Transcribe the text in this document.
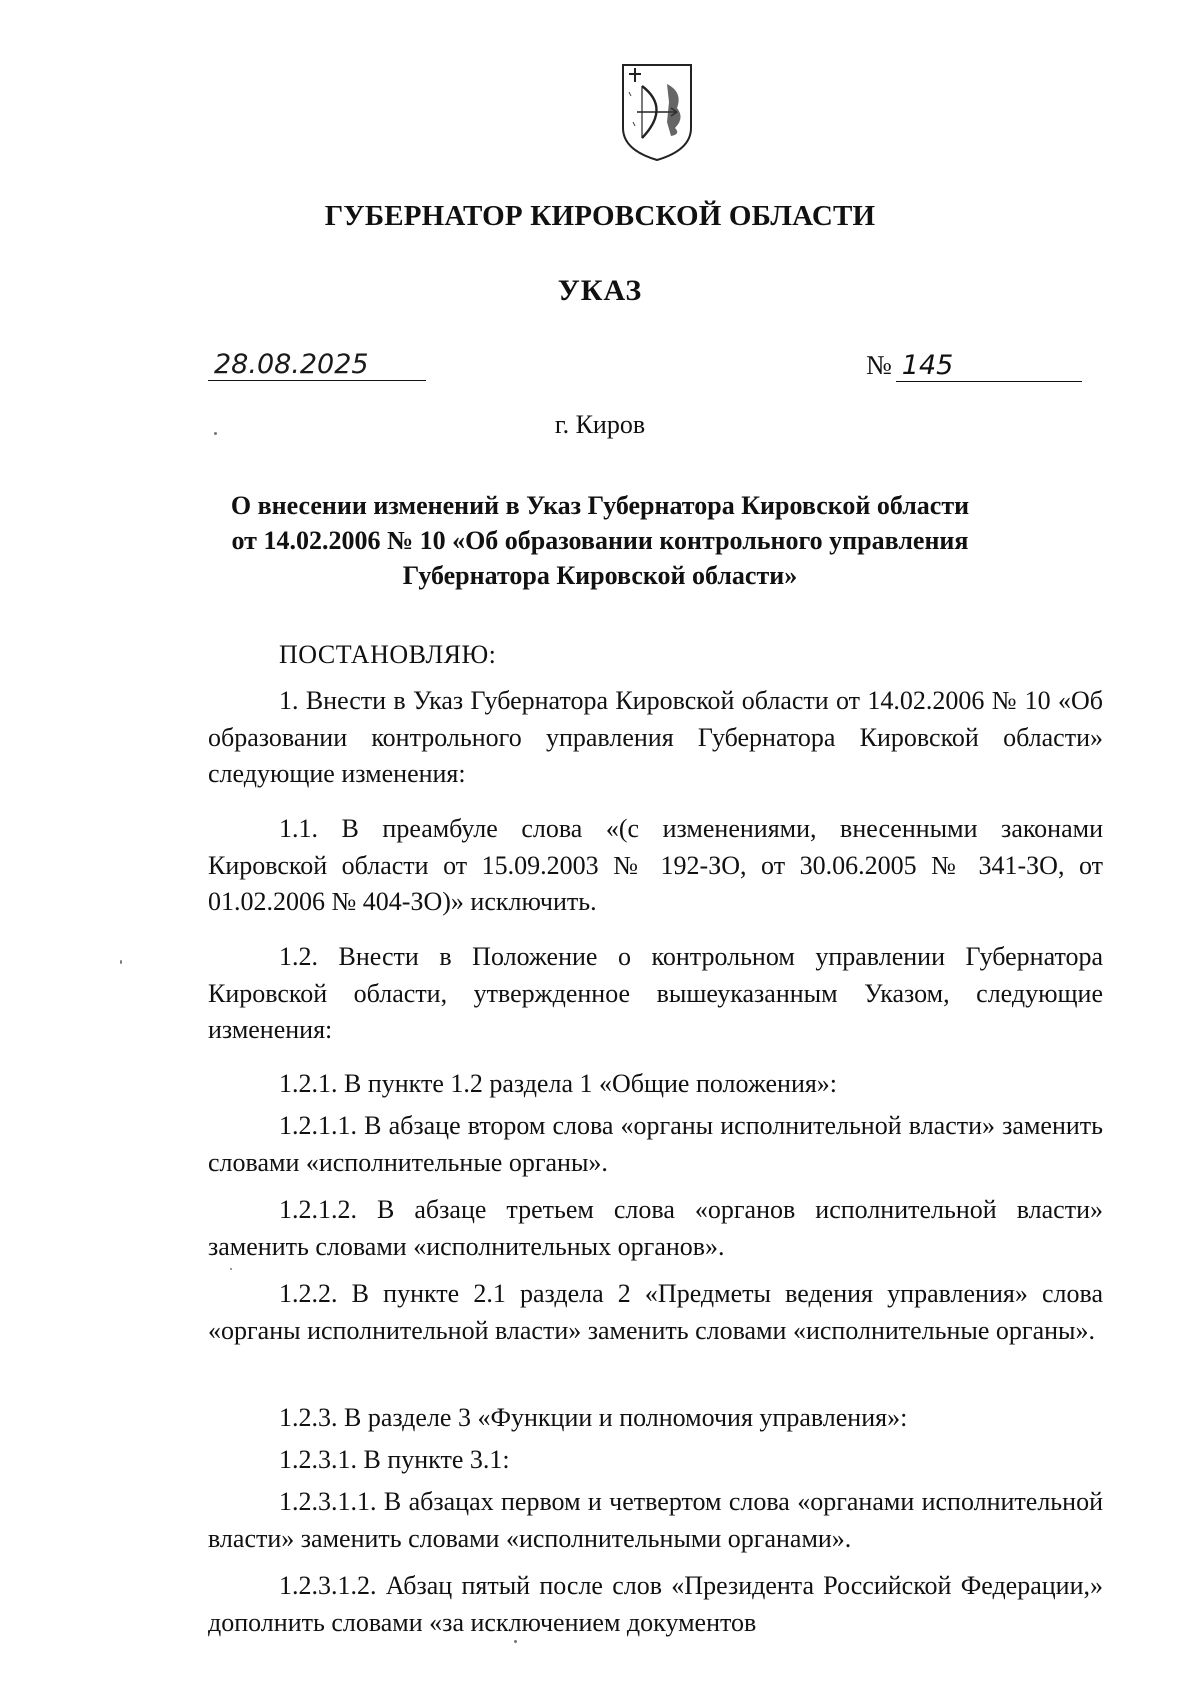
ГУБЕРНАТОР КИРОВСКОЙ ОБЛАСТИ
УКАЗ
28.08.2025	№ 145
г. Киров
О внесении изменений в Указ Губернатора Кировской области
от 14.02.2006 № 10 «Об образовании контрольного управления
Губернатора Кировской области»
ПОСТАНОВЛЯЮ:
1. Внести в Указ Губернатора Кировской области от 14.02.2006 № 10 «Об образовании контрольного управления Губернатора Кировской области» следующие изменения:
1.1. В преамбуле слова «(с изменениями, внесенными законами Кировской области от 15.09.2003 № 192-ЗО, от 30.06.2005 № 341-ЗО, от 01.02.2006 № 404-ЗО)» исключить.
1.2. Внести в Положение о контрольном управлении Губернатора Кировской области, утвержденное вышеуказанным Указом, следующие изменения:
1.2.1. В пункте 1.2 раздела 1 «Общие положения»:
1.2.1.1. В абзаце втором слова «органы исполнительной власти» заменить словами «исполнительные органы».
1.2.1.2. В абзаце третьем слова «органов исполнительной власти» заменить словами «исполнительных органов».
1.2.2. В пункте 2.1 раздела 2 «Предметы ведения управления» слова «органы исполнительной власти» заменить словами «исполнительные органы».
1.2.3. В разделе 3 «Функции и полномочия управления»:
1.2.3.1. В пункте 3.1:
1.2.3.1.1. В абзацах первом и четвертом слова «органами исполнительной власти» заменить словами «исполнительными органами».
1.2.3.1.2. Абзац пятый после слов «Президента Российской Федерации,» дополнить словами «за исключением документов
